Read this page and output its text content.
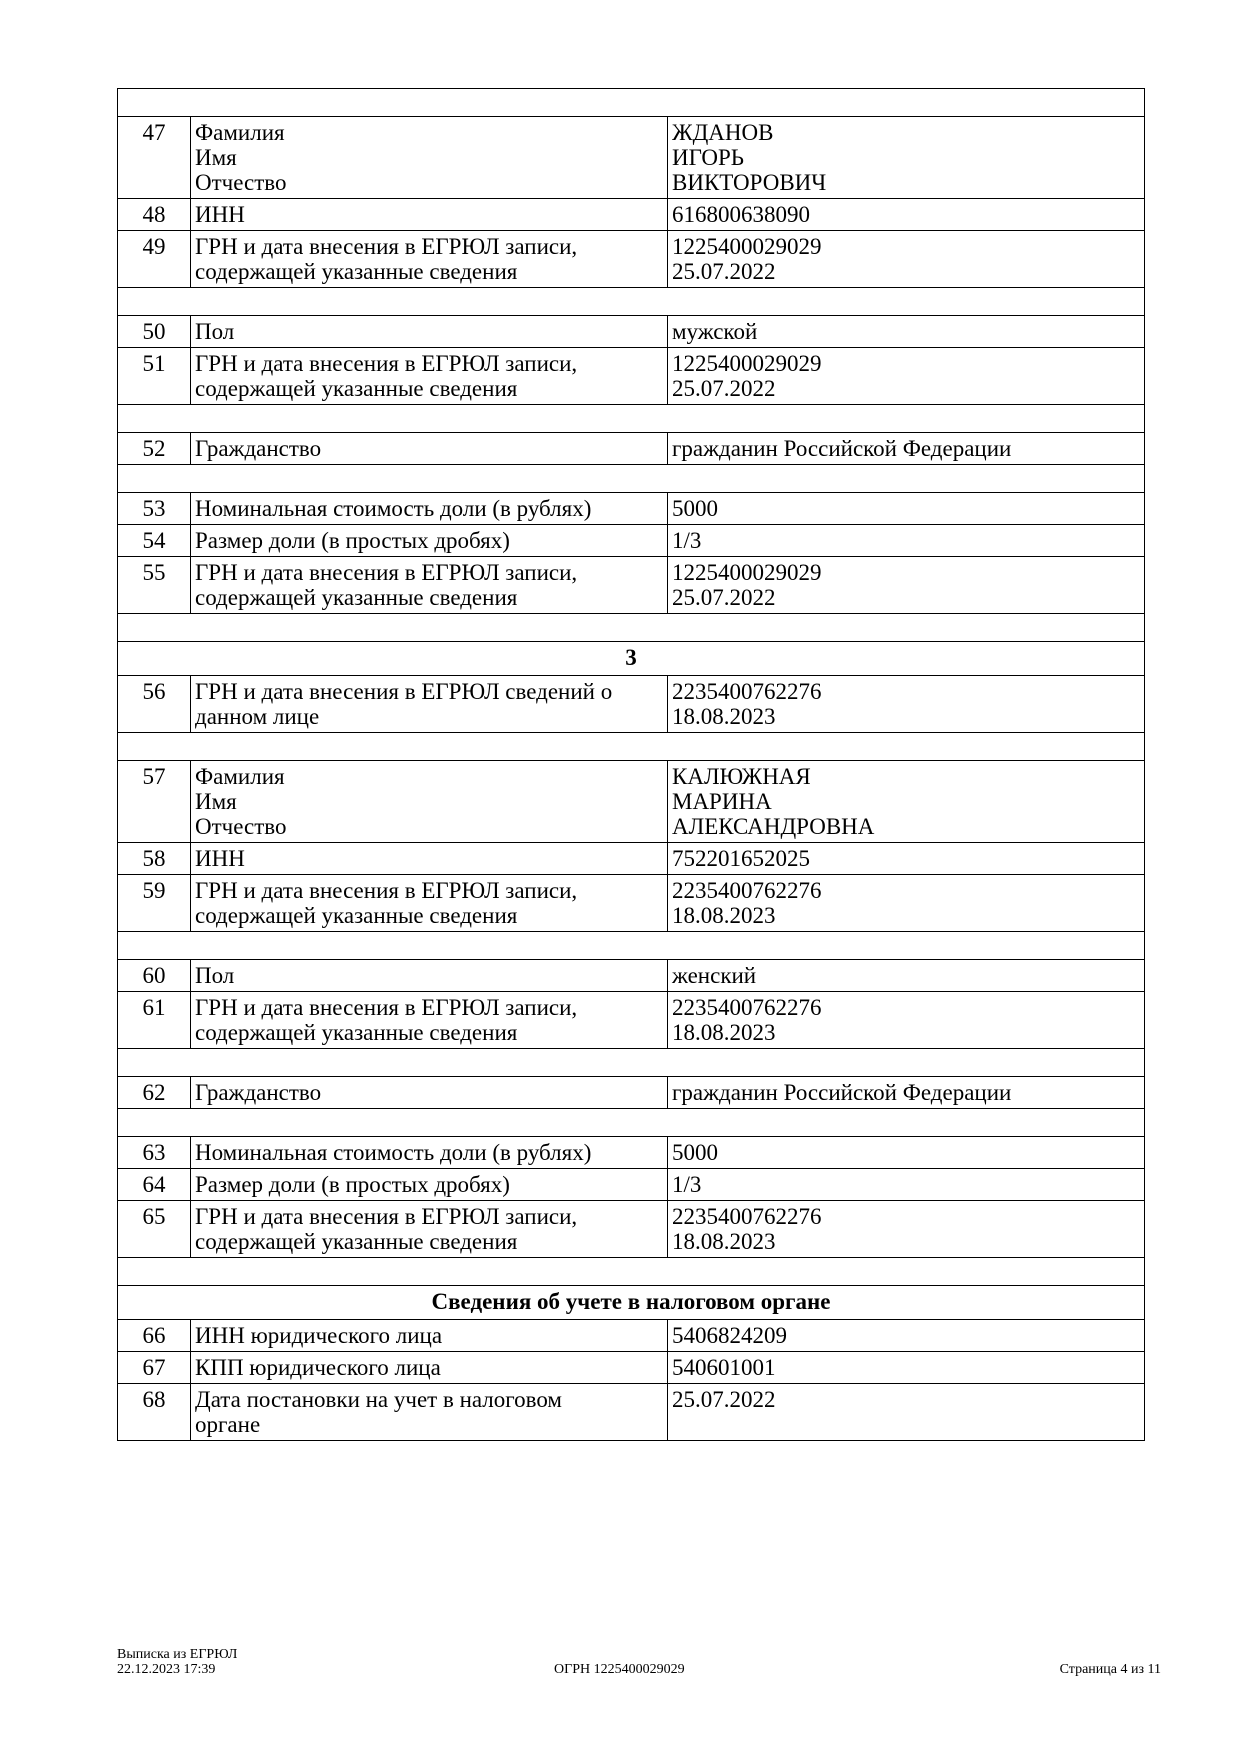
47	Фамилия
Имя
Отчество	ЖДАНОВ
ИГОРЬ
ВИКТОРОВИЧ

48	ИНН	616800638090

49	ГРН и дата внесения в ЕГРЮЛ записи,
содержащей указанные сведения	1225400029029
25.07.2022

50	Пол	мужской

51	ГРН и дата внесения в ЕГРЮЛ записи,
содержащей указанные сведения	1225400029029
25.07.2022

52	Гражданство	гражданин Российской Федерации

53	Номинальная стоимость доли (в рублях)	5000

54	Размер доли (в простых дробях)	1/3

55	ГРН и дата внесения в ЕГРЮЛ записи,
содержащей указанные сведения	1225400029029
25.07.2022

3		
56	ГРН и дата внесения в ЕГРЮЛ сведений о
данном лице	2235400762276
18.08.2023

57	Фамилия
Имя
Отчество	КАЛЮЖНАЯ
МАРИНА
АЛЕКСАНДРОВНА

58	ИНН	752201652025

59	ГРН и дата внесения в ЕГРЮЛ записи,
содержащей указанные сведения	2235400762276
18.08.2023

60	Пол	женский

61	ГРН и дата внесения в ЕГРЮЛ записи,
содержащей указанные сведения	2235400762276
18.08.2023

62	Гражданство	гражданин Российской Федерации

63	Номинальная стоимость доли (в рублях)	5000

64	Размер доли (в простых дробях)	1/3

65	ГРН и дата внесения в ЕГРЮЛ записи,
содержащей указанные сведения	2235400762276
18.08.2023

Сведения об учете в налоговом органе		
66	ИНН юридического лица	5406824209

67	КПП юридического лица	540601001

68	Дата постановки на учет в налоговом
органе	25.07.2022
Выписка из ЕГРЮЛ
22.12.2023 17:39	ОГРН 1225400029029	Страница 4 из 11
